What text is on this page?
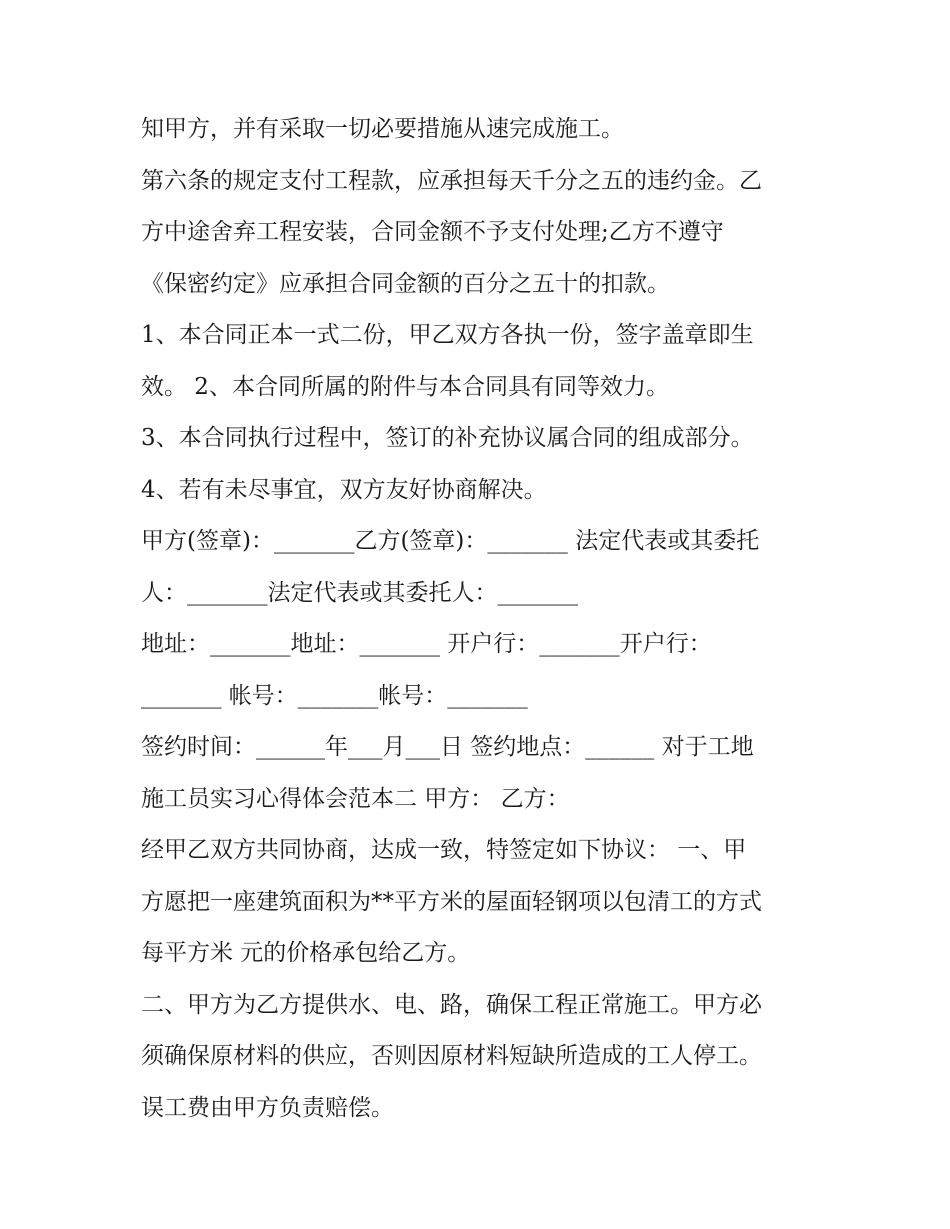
知甲方，并有采取一切必要措施从速完成施工。
第六条的规定支付工程款，应承担每天千分之五的违约金。乙
方中途舍弃工程安装，合同金额不予支付处理;乙方不遵守
《保密约定》应承担合同金额的百分之五十的扣款。
1、本合同正本一式二份，甲乙双方各执一份，签字盖章即生
效。 2、本合同所属的附件与本合同具有同等效力。
3、本合同执行过程中，签订的补充协议属合同的组成部分。
4、若有未尽事宜，双方友好协商解决。
甲方(签章)：_______乙方(签章)：_______ 法定代表或其委托
人：_______法定代表或其委托人：_______
地址：_______地址：_______ 开户行：_______开户行：
_______ 帐号：_______帐号：_______
签约时间：______年___月___日 签约地点：______ 对于工地
施工员实习心得体会范本二 甲方： 乙方：
经甲乙双方共同协商，达成一致，特签定如下协议： 一、甲
方愿把一座建筑面积为**平方米的屋面轻钢项以包清工的方式
每平方米 元的价格承包给乙方。
二、甲方为乙方提供水、电、路，确保工程正常施工。甲方必
须确保原材料的供应，否则因原材料短缺所造成的工人停工。
误工费由甲方负责赔偿。
